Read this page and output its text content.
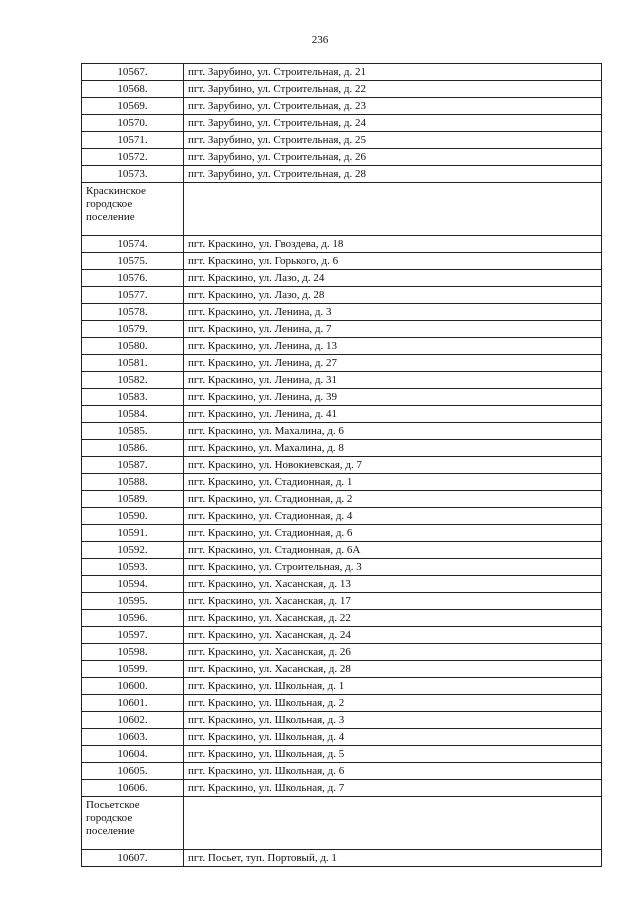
236
10567.	пгт. Зарубино, ул. Строительная, д. 21
10568.	пгт. Зарубино, ул. Строительная, д. 22
10569.	пгт. Зарубино, ул. Строительная, д. 23
10570.	пгт. Зарубино, ул. Строительная, д. 24
10571.	пгт. Зарубино, ул. Строительная, д. 25
10572.	пгт. Зарубино, ул. Строительная, д. 26
10573.	пгт. Зарубино, ул. Строительная, д. 28
Краскинское городское поселение	
10574.	пгт. Краскино, ул. Гвоздева, д. 18
10575.	пгт. Краскино, ул. Горького, д. 6
10576.	пгт. Краскино, ул. Лазо, д. 24
10577.	пгт. Краскино, ул. Лазо, д. 28
10578.	пгт. Краскино, ул. Ленина, д. 3
10579.	пгт. Краскино, ул. Ленина, д. 7
10580.	пгт. Краскино, ул. Ленина, д. 13
10581.	пгт. Краскино, ул. Ленина, д. 27
10582.	пгт. Краскино, ул. Ленина, д. 31
10583.	пгт. Краскино, ул. Ленина, д. 39
10584.	пгт. Краскино, ул. Ленина, д. 41
10585.	пгт. Краскино, ул. Махалина, д. 6
10586.	пгт. Краскино, ул. Махалина, д. 8
10587.	пгт. Краскино, ул. Новокиевская, д. 7
10588.	пгт. Краскино, ул. Стадионная, д. 1
10589.	пгт. Краскино, ул. Стадионная, д. 2
10590.	пгт. Краскино, ул. Стадионная, д. 4
10591.	пгт. Краскино, ул. Стадионная, д. 6
10592.	пгт. Краскино, ул. Стадионная, д. 6А
10593.	пгт. Краскино, ул. Строительная, д. 3
10594.	пгт. Краскино, ул. Хасанская, д. 13
10595.	пгт. Краскино, ул. Хасанская, д. 17
10596.	пгт. Краскино, ул. Хасанская, д. 22
10597.	пгт. Краскино, ул. Хасанская, д. 24
10598.	пгт. Краскино, ул. Хасанская, д. 26
10599.	пгт. Краскино, ул. Хасанская, д. 28
10600.	пгт. Краскино, ул. Школьная, д. 1
10601.	пгт. Краскино, ул. Школьная, д. 2
10602.	пгт. Краскино, ул. Школьная, д. 3
10603.	пгт. Краскино, ул. Школьная, д. 4
10604.	пгт. Краскино, ул. Школьная, д. 5
10605.	пгт. Краскино, ул. Школьная, д. 6
10606.	пгт. Краскино, ул. Школьная, д. 7
Посьетское городское поселение	
10607.	пгт. Посьет, туп. Портовый, д. 1
